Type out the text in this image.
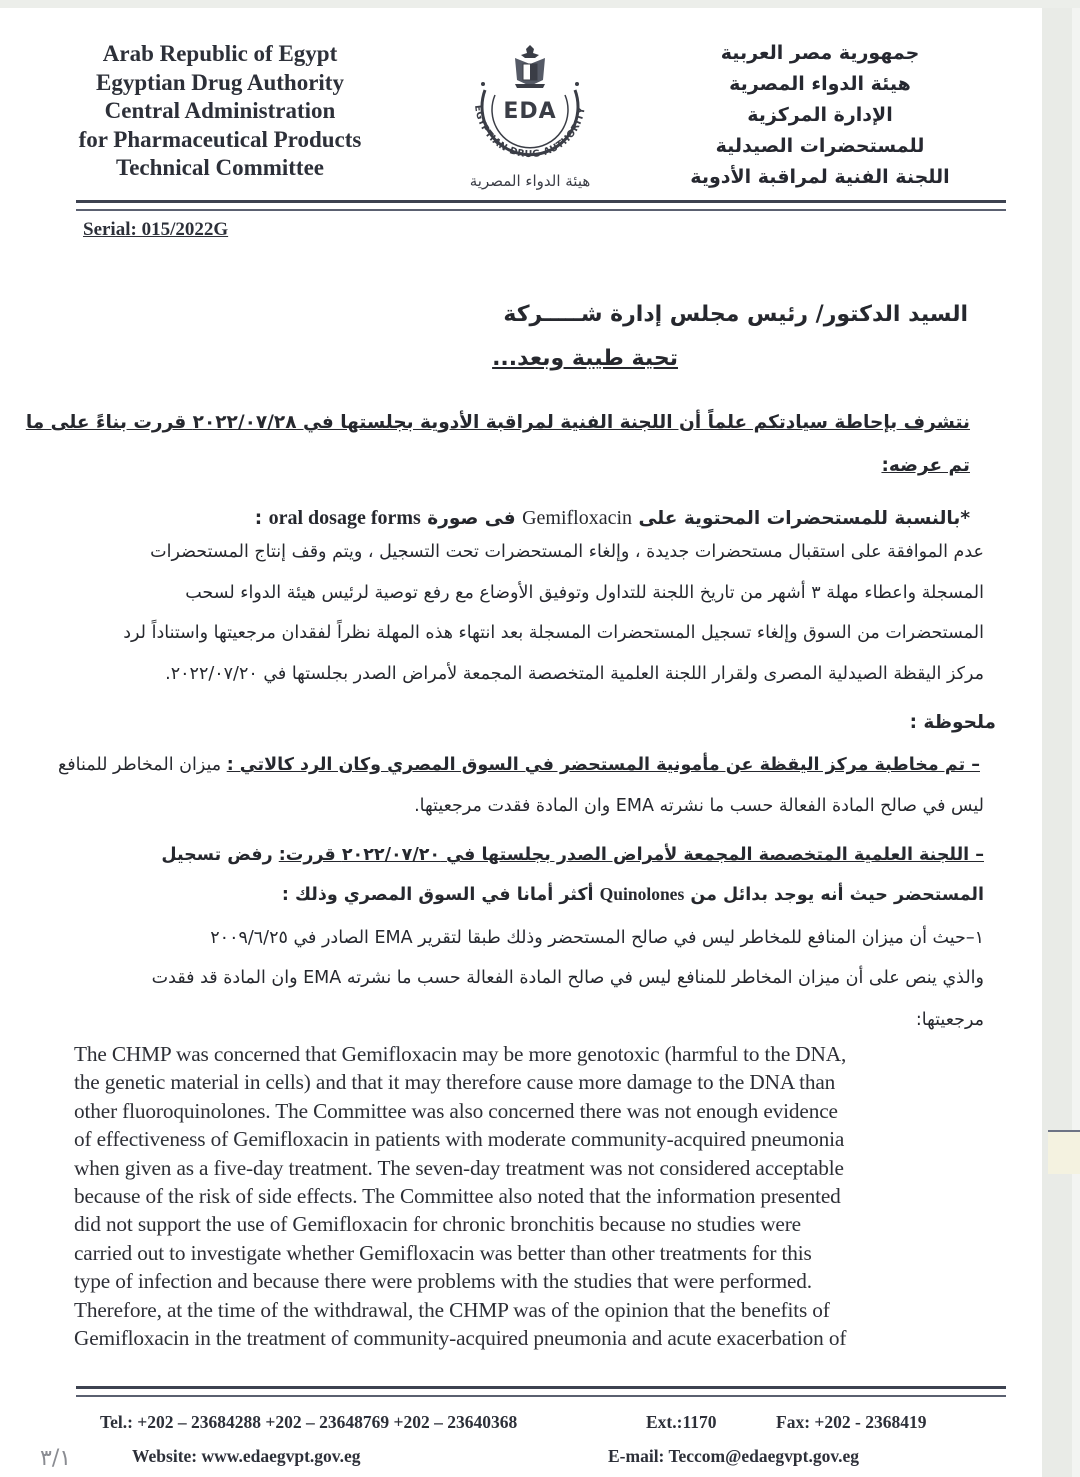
Arab Republic of Egypt
Egyptian Drug Authority
Central Administration
for Pharmaceutical Products
Technical Committee
EDA
EGYPTIAN DRUG AUTHORITY
هيئة الدواء المصرية
جمهورية مصر العربية
هيئة الدواء المصرية
الإدارة المركزية
للمستحضرات الصيدلية
اللجنة الفنية لمراقبة الأدوية
Serial: 015/2022G
السيد الدكتور/ رئيس مجلس إدارة شـــــركة
تحية طيبة وبعد...
نتشرف بإحاطة سيادتكم علماً أن اللجنة الفنية لمراقبة الأدوية بجلستها في ٢٠٢٢/٠٧/٢٨ قررت بناءً على ما
تم عرضه:
*بالنسبة للمستحضرات المحتوية على Gemifloxacin فى صورة oral dosage forms :
عدم الموافقة على استقبال مستحضرات جديدة ، وإلغاء المستحضرات تحت التسجيل ، ويتم وقف إنتاج المستحضرات
المسجلة واعطاء مهلة ٣ أشهر من تاريخ اللجنة للتداول وتوفيق الأوضاع مع رفع توصية لرئيس هيئة الدواء لسحب
المستحضرات من السوق وإلغاء تسجيل المستحضرات المسجلة بعد انتهاء هذه المهلة نظراً لفقدان مرجعيتها واستناداً لرد
مركز اليقظة الصيدلية المصرى ولقرار اللجنة العلمية المتخصصة المجمعة لأمراض الصدر بجلستها في ٢٠٢٢/٠٧/٢٠.
ملحوظة :
– تم مخاطبة مركز اليقظة عن مأمونية المستحضر في السوق المصري وكان الرد كالاتي : ميزان المخاطر للمنافع
ليس في صالح المادة الفعالة حسب ما نشرته EMA وان المادة فقدت مرجعيتها.
– اللجنة العلمية المتخصصة المجمعة لأمراض الصدر بجلستها في ٢٠٢٢/٠٧/٢٠ قررت: رفض تسجيل
المستحضر حيث أنه يوجد بدائل من Quinolones أكثر أمانا في السوق المصري وذلك :
١–حيث أن ميزان المنافع للمخاطر ليس في صالح المستحضر وذلك طبقا لتقرير EMA الصادر في ٢٠٠٩/٦/٢٥
والذي ينص على أن ميزان المخاطر للمنافع ليس في صالح المادة الفعالة حسب ما نشرته EMA وان المادة قد فقدت
مرجعيتها:
The CHMP was concerned that Gemifloxacin may be more genotoxic (harmful to the DNA,
the genetic material in cells) and that it may therefore cause more damage to the DNA than
other fluoroquinolones. The Committee was also concerned there was not enough evidence
of effectiveness of Gemifloxacin in patients with moderate community-acquired pneumonia
when given as a five-day treatment. The seven-day treatment was not considered acceptable
because of the risk of side effects. The Committee also noted that the information presented
did not support the use of Gemifloxacin for chronic bronchitis because no studies were
carried out to investigate whether Gemifloxacin was better than other treatments for this
type of infection and because there were problems with the studies that were performed.
Therefore, at the time of the withdrawal, the CHMP was of the opinion that the benefits of
Gemifloxacin in the treatment of community-acquired pneumonia and acute exacerbation of
Tel.: +202 – 23684288 +202 – 23648769 +202 – 23640368	Ext.:1170	Fax: +202 - 2368419
Website: www.edaegvpt.gov.eg	E-mail: Teccom@edaegvpt.gov.eg
٣/١
